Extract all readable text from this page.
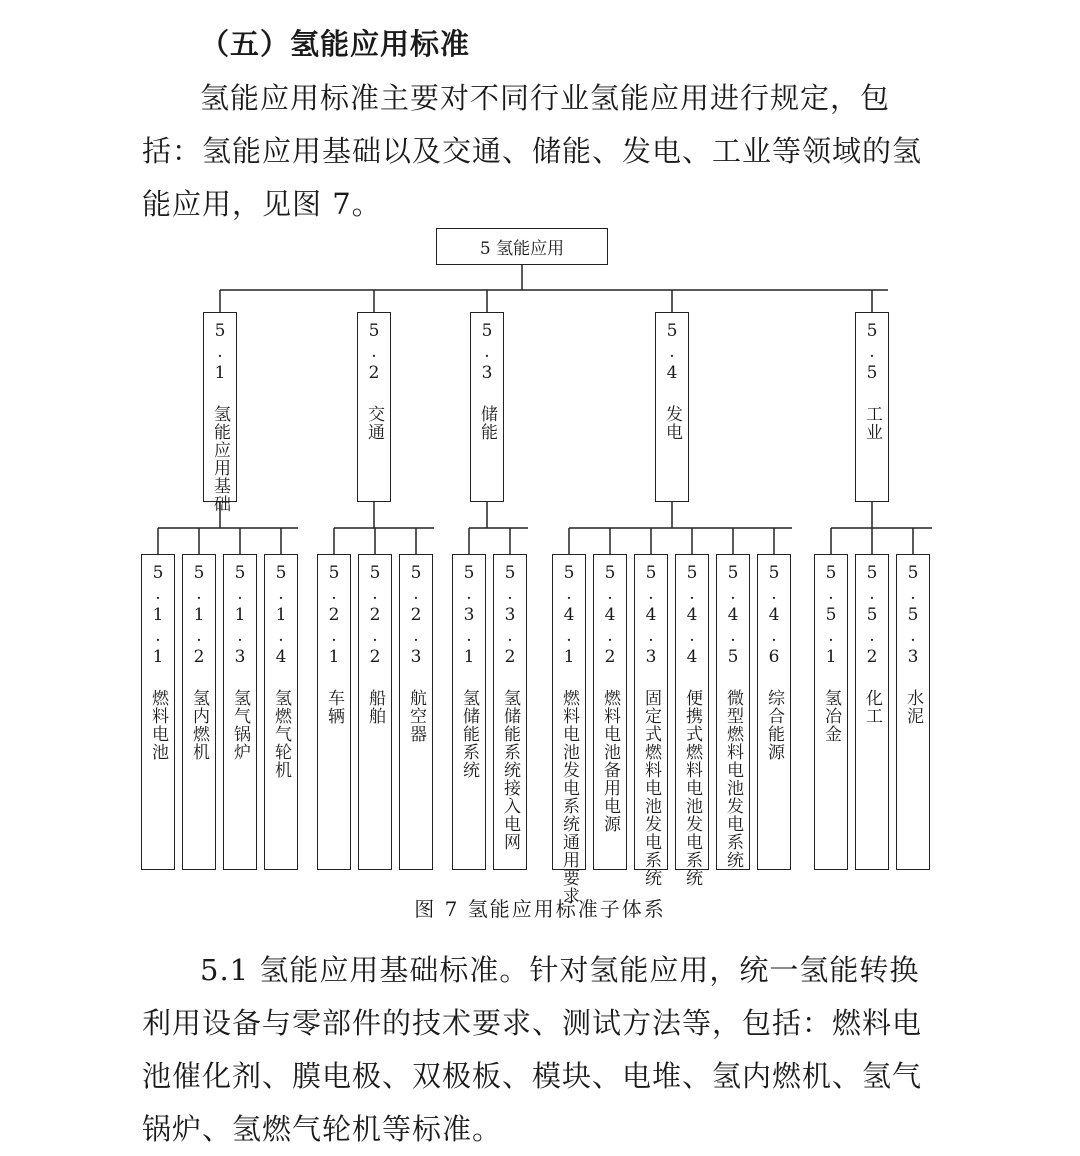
（五）氢能应用标准

氢能应用标准主要对不同行业氢能应用进行规定，包括：氢能应用基础以及交通、储能、发电、工业等领域的氢能应用，见图 7。

5 氢能应用
5.1 氢能应用基础	5.2 交通	5.3 储能	5.4 发电	5.5 工业
5.1.1 燃料电池 5.1.2 氢内燃机 5.1.3 氢气锅炉 5.1.4 氢燃气轮机 5.2.1 车辆 5.2.2 船舶 5.2.3 航空器 5.3.1 氢储能系统 5.3.2 氢储能系统接入电网 5.4.1 燃料电池发电系统通用要求 5.4.2 燃料电池备用电源 5.4.3 固定式燃料电池发电系统 5.4.4 便携式燃料电池发电系统 5.4.5 微型燃料电池发电系统 5.4.6 综合能源 5.5.1 氢冶金 5.5.2 化工 5.5.3 水泥
图 7 氢能应用标准子体系

5.1 氢能应用基础标准。针对氢能应用，统一氢能转换利用设备与零部件的技术要求、测试方法等，包括：燃料电池催化剂、膜电极、双极板、模块、电堆、氢内燃机、氢气锅炉、氢燃气轮机等标准。
